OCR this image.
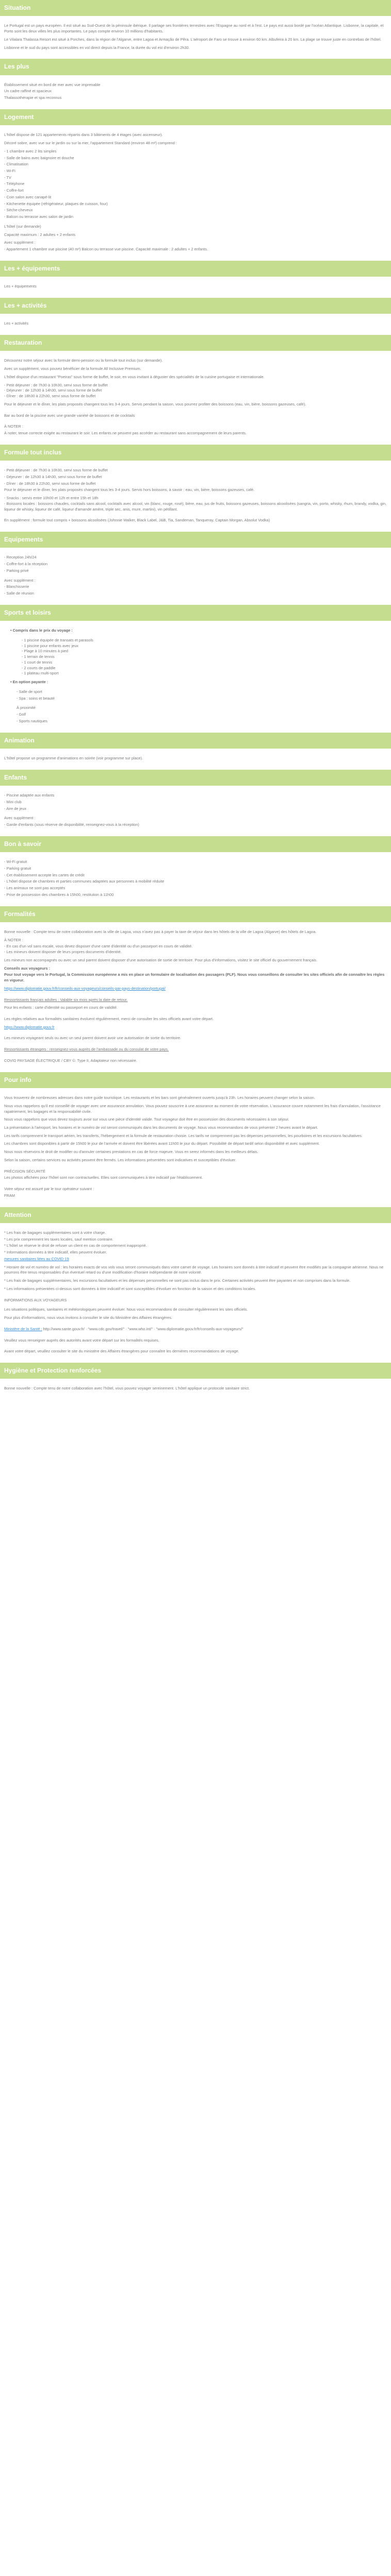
Situation

Le Portugal est un pays européen. Il est situé au Sud-Ouest de la péninsule ibérique. Il partage ses frontières terrestres avec l'Espagne au nord et à l'est. Le pays est aussi bordé par l'océan Atlantique. Lisbonne, la capitale, et Porto sont les deux villes les plus importantes. Le pays compte environ 10 millions d'habitants.

Le Vilalara Thalassa Resort est situé à Porches, dans la région de l'Algarve, entre Lagoa et Armação de Pêra. L'aéroport de Faro se trouve à environ 60 km. Albufeira à 20 km. La plage se trouve juste en contrebas de l'hôtel.

Lisbonne et le sud du pays sont accessibles en vol direct depuis la France, la durée du vol est d'environ 2h30.

Les plus
Établissement situé en bord de mer avec vue imprenable
Un cadre raffiné et spacieux
Thalassothérapie et spa reconnus
Logement

L'hôtel dispose de 121 appartements répartis dans 3 bâtiments de 4 étages (avec ascenseur).

Décoré sobre, avec vue sur le jardin ou sur la mer, l'appartement Standard (environ 48 m²) comprend :

- 1 chambre avec 2 lits simples
- Salle de bains avec baignoire et douche
- Climatisation
- Wi-Fi
- TV
- Téléphone
- Coffre-fort
- Coin salon avec canapé-lit
- Kitchenette équipée (réfrigérateur, plaques de cuisson, four)
- Sèche-cheveux
- Balcon ou terrasse avec salon de jardin

L'hôtel (sur demande)

Capacité maximum : 2 adultes + 2 enfants

Avec supplément :

- Appartement 1 chambre vue piscine (40 m²) Balcon ou terrasse vue piscine. Capacité maximale : 2 adultes + 2 enfants.

Les + équipements

Les + équipements

Les + activités

Les + activités

Restauration

Découvrez notre séjour avec la formule demi-pension ou la formule tout inclus (sur demande).

Avec un supplément, vous pouvez bénéficier de la formule All Inclusive Premium.

L'hôtel dispose d'un restaurant "Poeiras" sous forme de buffet, le soir, en vous invitant à déguster des spécialités de la cuisine portugaise et internationale.

- Petit déjeuner : de 7h30 à 10h30, servi sous forme de buffet
- Déjeuner : de 12h30 à 14h30, servi sous forme de buffet
- Dîner : de 18h30 à 22h30, servi sous forme de buffet

Pour le déjeuner et le dîner, les plats proposés changent tous les 3-4 jours. Servis pendant la saison, vous pourrez profiter des boissons (eau, vin, bière, boissons gazeuses, café).

Bar au bord de la piscine avec une grande variété de boissons et de cocktails

À NOTER :

À noter, tenue correcte exigée au restaurant le soir. Les enfants ne peuvent pas accéder au restaurant sans accompagnement de leurs parents.

Formule tout inclus
- Petit déjeuner : de 7h30 à 10h30, servi sous forme de buffet
- Déjeuner : de 12h30 à 14h30, servi sous forme de buffet
- Dîner : de 18h30 à 22h30, servi sous forme de buffet

Pour le déjeuner et le dîner, les plats proposés changent tous les 3-4 jours. Servis hors boissons, à savoir : eau, vin, bière, boissons gazeuses, café.

- Snacks : servis entre 10h00 et 12h et entre 15h et 18h
- Boissons locales : boissons chaudes, cocktails sans alcool, cocktails avec alcool, vin (blanc, rouge, rosé), bière, eau, jus de fruits, boissons gazeuses, boissons alcoolisées (sangria, vin, porto, whisky, rhum, brandy, vodka, gin, liqueur de whisky, liqueur de café, liqueur d'amande amère, triple sec, anis, mure, martini), vin pétillant.

En supplément : formule tout compris + boissons alcoolisées (Johnnie Walker, Black Label, J&B, Tia, Sandeman, Tanqueray, Captain Morgan, Absolut Vodka)

Equipements
- Reception 24h/24
- Coffre-fort à la réception
- Parking privé
Avec supplément :
- Blanchisserie
- Salle de réunion
Sports et loisirs
• Compris dans le prix du voyage :
- 1 piscine équipée de transats et parasols
- 1 piscine pour enfants avec jeux
- Plage à 10 minutes à pied
- 1 terrain de tennis
- 1 court de tennis
- 2 courts de paddle
- 1 plateau multi-sport
• En option payante :
- Salle de sport
- Spa : soins et beauté
À proximité
- Golf
- Sports nautiques
Animation

L'hôtel propose un programme d'animations en soirée (voir programme sur place).

Enfants
- Piscine adaptée aux enfants
- Mini club
- Aire de jeux
Avec supplément :
- Garde d'enfants (sous réserve de disponibilité, renseignez-vous à la réception)
Bon à savoir
- Wi-Fi gratuit
- Parking gratuit
- Cet établissement accepte les cartes de crédit
- L'hôtel dispose de chambres et parties communes adaptées aux personnes à mobilité réduite
- Les animaux ne sont pas acceptés
- Prise de possession des chambres à 15h00, restitution à 11h00
Formalités

Bonne nouvelle : Compte tenu de notre collaboration avec la ville de Lagoa, vous n'avez pas à payer la taxe de séjour dans les hôtels de la ville de Lagoa (Algarve) des hôtels de Lagoa.

À NOTER :

- En cas d'un vol sans escale, vous devez disposer d'une carte d'identité ou d'un passeport en cours de validité.
- Les mineurs doivent disposer de leurs propres documents d'identité.

Les mineurs non accompagnés ou avec un seul parent doivent disposer d'une autorisation de sortie de territoire. Pour plus d'informations, visitez le site officiel du gouvernement français.

Conseils aux voyageurs :

Pour tout voyage vers le Portugal, la Commission européenne a mis en place un formulaire de localisation des passagers (PLF). Nous vous conseillons de consulter les sites officiels afin de connaître les règles en vigueur.

https://www.diplomatie.gouv.fr/fr/conseils-aux-voyageurs/conseils-par-pays-destination/portugal/

Ressortissants français adultes : Valable six mois après la date de retour.

Pour les enfants : carte d'identité ou passeport en cours de validité.

Les règles relatives aux formalités sanitaires évoluent régulièrement, merci de consulter les sites officiels avant votre départ.

https://www.diplomatie.gouv.fr

Les mineurs voyageant seuls ou avec un seul parent doivent avoir une autorisation de sortie du territoire.

Ressortissants étrangers : renseignez-vous auprès de l'ambassade ou du consulat de votre pays.

COVID PAYSAGE ÉLECTRIQUE / CBY ©. Type II, Adaptateur non nécessaire.

Pour info

Vous trouverez de nombreuses adresses dans notre guide touristique. Les restaurants et les bars sont généralement ouverts jusqu'à 23h. Les horaires peuvent changer selon la saison.

Nous vous rappelons qu'il est conseillé de voyager avec une assurance annulation. Vous pouvez souscrire à une assurance au moment de votre réservation. L'assurance couvre notamment les frais d'annulation, l'assistance rapatriement, les bagages et la responsabilité civile.

Nous vous rappelons que vous devez toujours avoir sur vous une pièce d'identité valide. Tout voyageur doit être en possession des documents nécessaires à son séjour.

La présentation à l'aéroport, les horaires et le numéro de vol seront communiqués dans les documents de voyage. Nous vous recommandons de vous présenter 2 heures avant le départ.

Les tarifs comprennent le transport aérien, les transferts, l'hébergement et la formule de restauration choisie. Les tarifs ne comprennent pas les dépenses personnelles, les pourboires et les excursions facultatives.

Les chambres sont disponibles à partir de 15h00 le jour de l'arrivée et doivent être libérées avant 11h00 le jour du départ. Possibilité de départ tardif selon disponibilité et avec supplément.

Nous nous réservons le droit de modifier ou d'annuler certaines prestations en cas de force majeure. Vous en serez informés dans les meilleurs délais.

Selon la saison, certains services ou activités peuvent être fermés. Les informations présentées sont indicatives et susceptibles d'évoluer.

PRÉCISION SÉCURITÉ

Les photos affichées pour l'hôtel sont non contractuelles. Elles sont communiquées à titre indicatif par l'établissement.

Votre séjour est assuré par le tour opérateur suivant :
FRAM
Attention
* Les frais de bagages supplémentaires sont à votre charge.
* Les prix comprennent les taxes locales, sauf mention contraire.
* L'hôtel se réserve le droit de refuser un client en cas de comportement inapproprié.
* Informations données à titre indicatif, elles peuvent évoluer.

mesures sanitaires liées au COVID-19

* Horaire de vol et numéro de vol : les horaires exacts de vos vols vous seront communiqués dans votre carnet de voyage. Les horaires sont donnés à titre indicatif et peuvent être modifiés par la compagnie aérienne. Nous ne pourrons être tenus responsables d'un éventuel retard ou d'une modification d'horaire indépendante de notre volonté.

* Les frais de bagages supplémentaires, les excursions facultatives et les dépenses personnelles ne sont pas inclus dans le prix. Certaines activités peuvent être payantes et non comprises dans la formule.

* Les informations présentées ci-dessus sont données à titre indicatif et sont susceptibles d'évoluer en fonction de la saison et des conditions locales.

INFORMATIONS AUX VOYAGEURS

Les situations politiques, sanitaires et météorologiques peuvent évoluer. Nous vous recommandons de consulter régulièrement les sites officiels.

Pour plus d'informations, nous vous invitons à consulter le site du Ministère des Affaires étrangères.

Ministère de la Santé : http://www.sante.gouv.fr/ · "www.cdc.gov/travel/" · "www.who.int/" · "www.diplomatie.gouv.fr/fr/conseils-aux-voyageurs/"

Veuillez vous renseigner auprès des autorités avant votre départ sur les formalités requises.

Avant votre départ, veuillez consulter le site du ministère des Affaires étrangères pour connaître les dernières recommandations de voyage.

Hygiène et Protection renforcées

Bonne nouvelle : Compte tenu de notre collaboration avec l'hôtel, vous pouvez voyager sereinement. L'hôtel applique un protocole sanitaire strict.
